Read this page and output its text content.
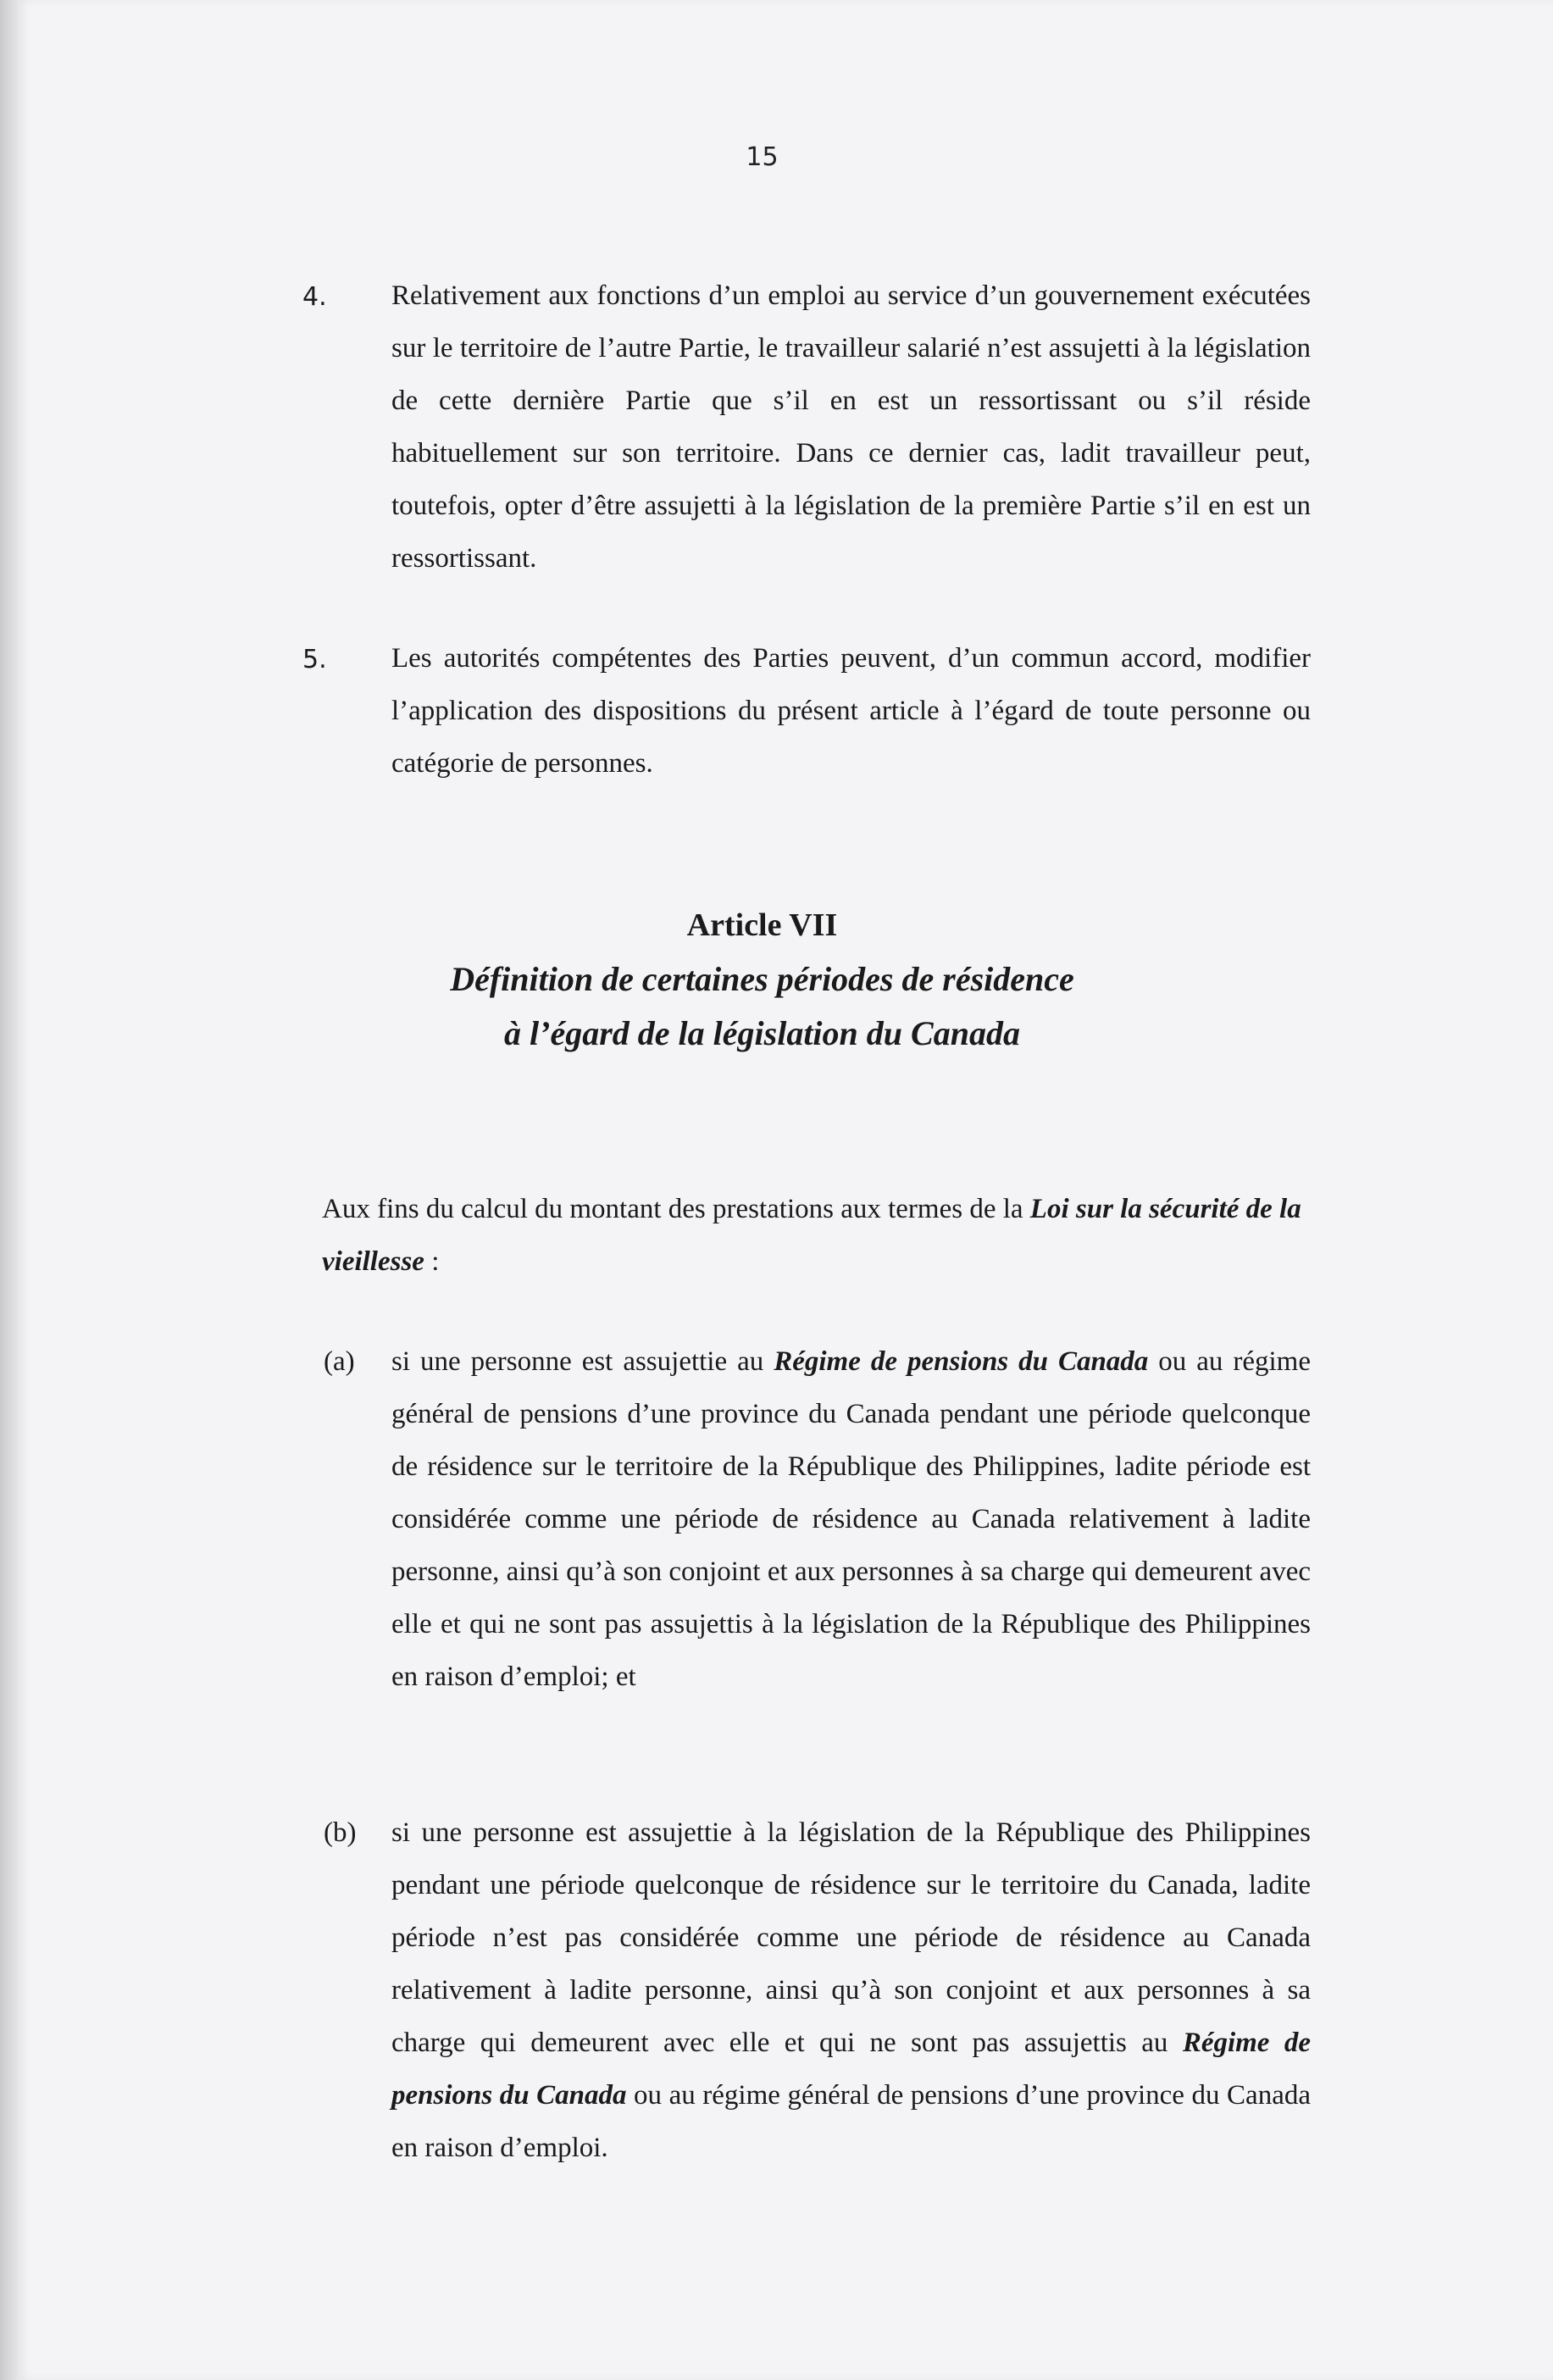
15
4. Relativement aux fonctions d’un emploi au service d’un gouvernement exécutées sur le territoire de l’autre Partie, le travailleur salarié n’est assujetti à la législation de cette dernière Partie que s’il en est un ressortissant ou s’il réside habituellement sur son territoire. Dans ce dernier cas, ladit travailleur peut, toutefois, opter d’être assujetti à la législation de la première Partie s’il en est un ressortissant.
5. Les autorités compétentes des Parties peuvent, d’un commun accord, modifier l’application des dispositions du présent article à l’égard de toute personne ou catégorie de personnes.
Article VII
Définition de certaines périodes de résidence
à l’égard de la législation du Canada
Aux fins du calcul du montant des prestations aux termes de la Loi sur la sécurité de la vieillesse :
(a) si une personne est assujettie au Régime de pensions du Canada ou au régime général de pensions d’une province du Canada pendant une période quelconque de résidence sur le territoire de la République des Philippines, ladite période est considérée comme une période de résidence au Canada relativement à ladite personne, ainsi qu’à son conjoint et aux personnes à sa charge qui demeurent avec elle et qui ne sont pas assujettis à la législation de la République des Philippines en raison d’emploi; et
(b) si une personne est assujettie à la législation de la République des Philippines pendant une période quelconque de résidence sur le territoire du Canada, ladite période n’est pas considérée comme une période de résidence au Canada relativement à ladite personne, ainsi qu’à son conjoint et aux personnes à sa charge qui demeurent avec elle et qui ne sont pas assujettis au Régime de pensions du Canada ou au régime général de pensions d’une province du Canada en raison d’emploi.
